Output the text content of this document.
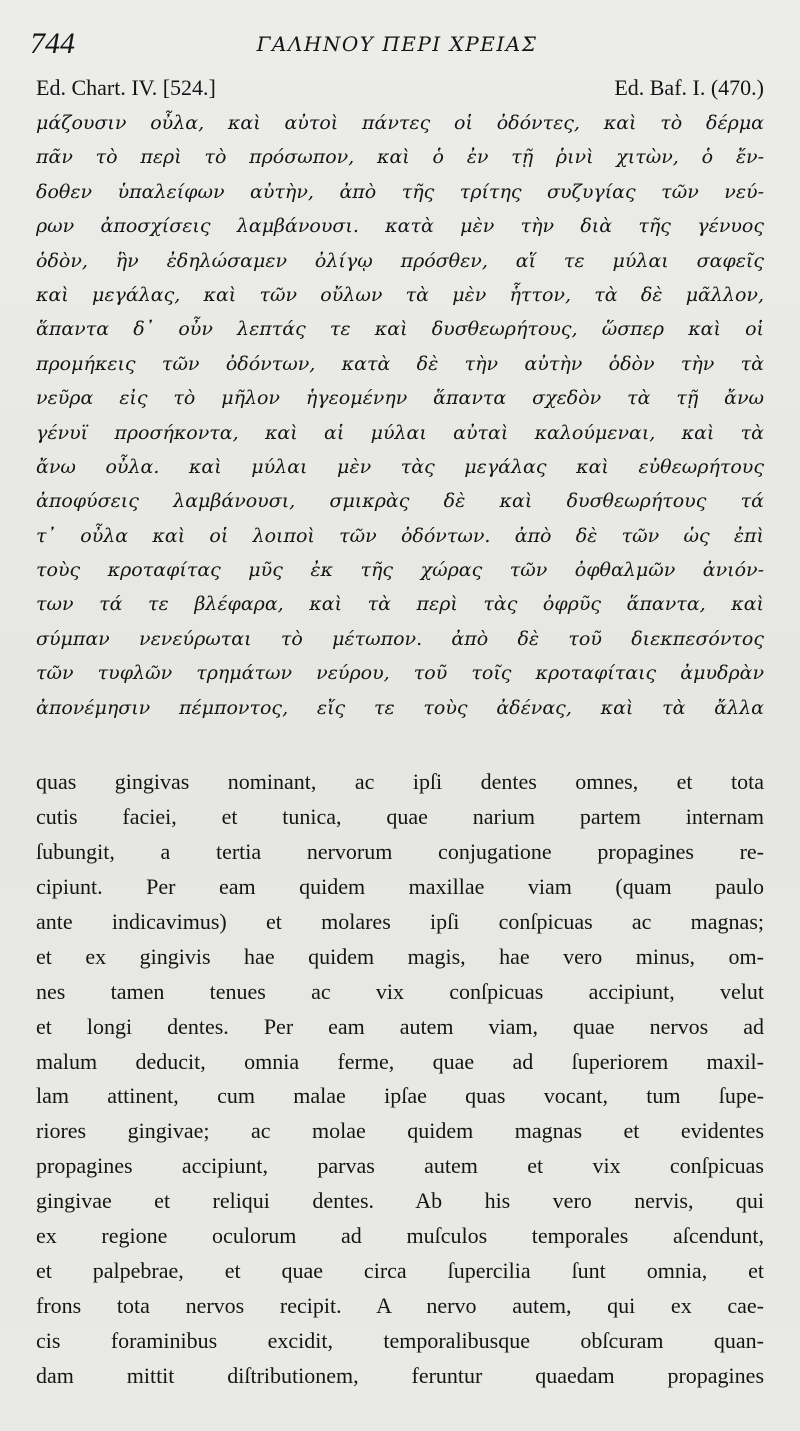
744	ΓΑΛΗΝΟΥ ΠΕΡΙ ΧΡΕΙΑΣ
Ed. Chart. IV. [524.]	Ed. Baf. I. (470.)
μάζουσιν οὖλα, καὶ αὐτοὶ πάντες οἱ ὀδόντες, καὶ τὸ δέρμα
πᾶν τὸ περὶ τὸ πρόσωπον, καὶ ὁ ἐν τῇ ῥινὶ χιτὼν, ὁ ἔν-
δοθεν ὑπαλείφων αὐτὴν, ἀπὸ τῆς τρίτης συζυγίας τῶν νεύ-
ρων ἀποσχίσεις λαμβάνουσι. κατὰ μὲν τὴν διὰ τῆς γένυος
ὁδὸν, ἣν ἐδηλώσαμεν ὀλίγῳ πρόσθεν, αἵ τε μύλαι σαφεῖς
καὶ μεγάλας, καὶ τῶν οὔλων τὰ μὲν ἧττον, τὰ δὲ μᾶλλον,
ἅπαντα δ᾽ οὖν λεπτάς τε καὶ δυσθεωρήτους, ὥσπερ καὶ οἱ
προμήκεις τῶν ὀδόντων, κατὰ δὲ τὴν αὐτὴν ὁδὸν τὴν τὰ
νεῦρα εἰς τὸ μῆλον ἡγεομένην ἅπαντα σχεδὸν τὰ τῇ ἄνω
γένυϊ προσήκοντα, καὶ αἱ μύλαι αὐταὶ καλούμεναι, καὶ τὰ
ἄνω οὖλα. καὶ μύλαι μὲν τὰς μεγάλας καὶ εὐθεωρήτους
ἀποφύσεις λαμβάνουσι, σμικρὰς δὲ καὶ δυσθεωρήτους τά
τ᾽ οὖλα καὶ οἱ λοιποὶ τῶν ὀδόντων. ἀπὸ δὲ τῶν ὡς ἐπὶ
τοὺς κροταφίτας μῦς ἐκ τῆς χώρας τῶν ὀφθαλμῶν ἀνιόν-
των τά τε βλέφαρα, καὶ τὰ περὶ τὰς ὀφρῦς ἅπαντα, καὶ
σύμπαν νενεύρωται τὸ μέτωπον. ἀπὸ δὲ τοῦ διεκπεσόντος
τῶν τυφλῶν τρημάτων νεύρου, τοῦ τοῖς κροταφίταις ἀμυδρὰν
ἀπονέμησιν πέμποντος, εἴς τε τοὺς ἀδένας, καὶ τὰ ἄλλα
quas gingivas nominant, ac ipſi dentes omnes, et tota
cutis faciei, et tunica, quae narium partem internam
ſubungit, a tertia nervorum conjugatione propagines re-
cipiunt. Per eam quidem maxillae viam (quam paulo
ante indicavimus) et molares ipſi conſpicuas ac magnas;
et ex gingivis hae quidem magis, hae vero minus, om-
nes tamen tenues ac vix conſpicuas accipiunt, velut
et longi dentes. Per eam autem viam, quae nervos ad
malum deducit, omnia ferme, quae ad ſuperiorem maxil-
lam attinent, cum malae ipſae quas vocant, tum ſupe-
riores gingivae; ac molae quidem magnas et evidentes
propagines accipiunt, parvas autem et vix conſpicuas
gingivae et reliqui dentes. Ab his vero nervis, qui
ex regione oculorum ad muſculos temporales aſcendunt,
et palpebrae, et quae circa ſupercilia ſunt omnia, et
frons tota nervos recipit. A nervo autem, qui ex cae-
cis foraminibus excidit, temporalibusque obſcuram quan-
dam mittit diſtributionem, feruntur quaedam propagines
